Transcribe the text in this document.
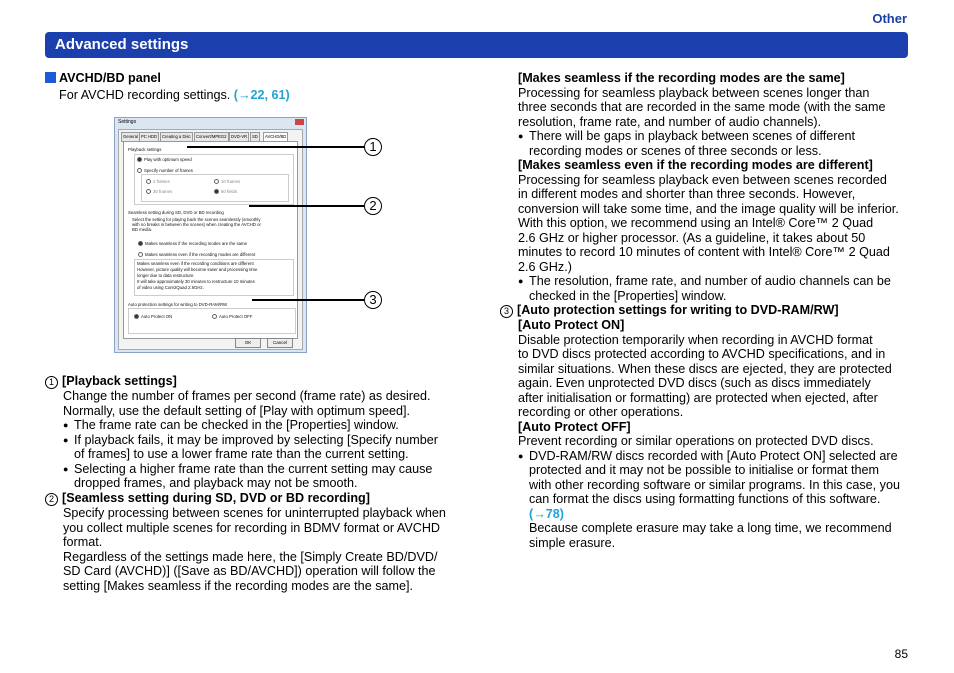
Other
Advanced settings
AVCHD/BD panel
For AVCHD recording settings. (→22, 61)
Settings
General PC HDD	Creating a Disc	Convert/MPEG2	DVD-VR	SD	AVCHD/BD
Playback settings
Play with optimum speed
Specify number of frames
2 frames	10 frames
30 frames	60 fields
Seamless setting during SD, DVD or BD recording
Select the setting for playing back the scenes seamlessly (smoothly
with no breaks in between the scenes) when creating the AVCHD or
BD media.
Makes seamless if the recording modes are the same
Makes seamless even if the recording modes are different
Makes seamless even if the recording conditions are different
However, picture quality will become lower and processing time
longer due to data restructure.
It will take approximately 30 minutes to restructure 10 minutes
of video using Core2Quad 2.6GHz.
Auto protection settings for writing to DVD-RAM/RW
Auto Protect ON	Auto Protect OFF
OK	Cancel
1
2
3
1 [Playback settings]
Change the number of frames per second (frame rate) as desired.
Normally, use the default setting of [Play with optimum speed].
● The frame rate can be checked in the [Properties] window.
● If playback fails, it may be improved by selecting [Specify number
of frames] to use a lower frame rate than the current setting.
● Selecting a higher frame rate than the current setting may cause
dropped frames, and playback may not be smooth.
2 [Seamless setting during SD, DVD or BD recording]
Specify processing between scenes for uninterrupted playback when
you collect multiple scenes for recording in BDMV format or AVCHD
format.
Regardless of the settings made here, the [Simply Create BD/DVD/
SD Card (AVCHD)] ([Save as BD/AVCHD]) operation will follow the
setting [Makes seamless if the recording modes are the same].
[Makes seamless if the recording modes are the same]
Processing for seamless playback between scenes longer than
three seconds that are recorded in the same mode (with the same
resolution, frame rate, and number of audio channels).
● There will be gaps in playback between scenes of different
recording modes or scenes of three seconds or less.
[Makes seamless even if the recording modes are different]
Processing for seamless playback even between scenes recorded
in different modes and shorter than three seconds. However,
conversion will take some time, and the image quality will be inferior.
With this option, we recommend using an Intel® Core™ 2 Quad
2.6 GHz or higher processor. (As a guideline, it takes about 50
minutes to record 10 minutes of content with Intel® Core™ 2 Quad
2.6 GHz.)
● The resolution, frame rate, and number of audio channels can be
checked in the [Properties] window.
3 [Auto protection settings for writing to DVD-RAM/RW]
[Auto Protect ON]
Disable protection temporarily when recording in AVCHD format
to DVD discs protected according to AVCHD specifications, and in
similar situations. When these discs are ejected, they are protected
again. Even unprotected DVD discs (such as discs immediately
after initialisation or formatting) are protected when ejected, after
recording or other operations.
[Auto Protect OFF]
Prevent recording or similar operations on protected DVD discs.
● DVD-RAM/RW discs recorded with [Auto Protect ON] selected are
protected and it may not be possible to initialise or format them
with other recording software or similar programs. In this case, you
can format the discs using formatting functions of this software.
(→78)
Because complete erasure may take a long time, we recommend
simple erasure.
85
